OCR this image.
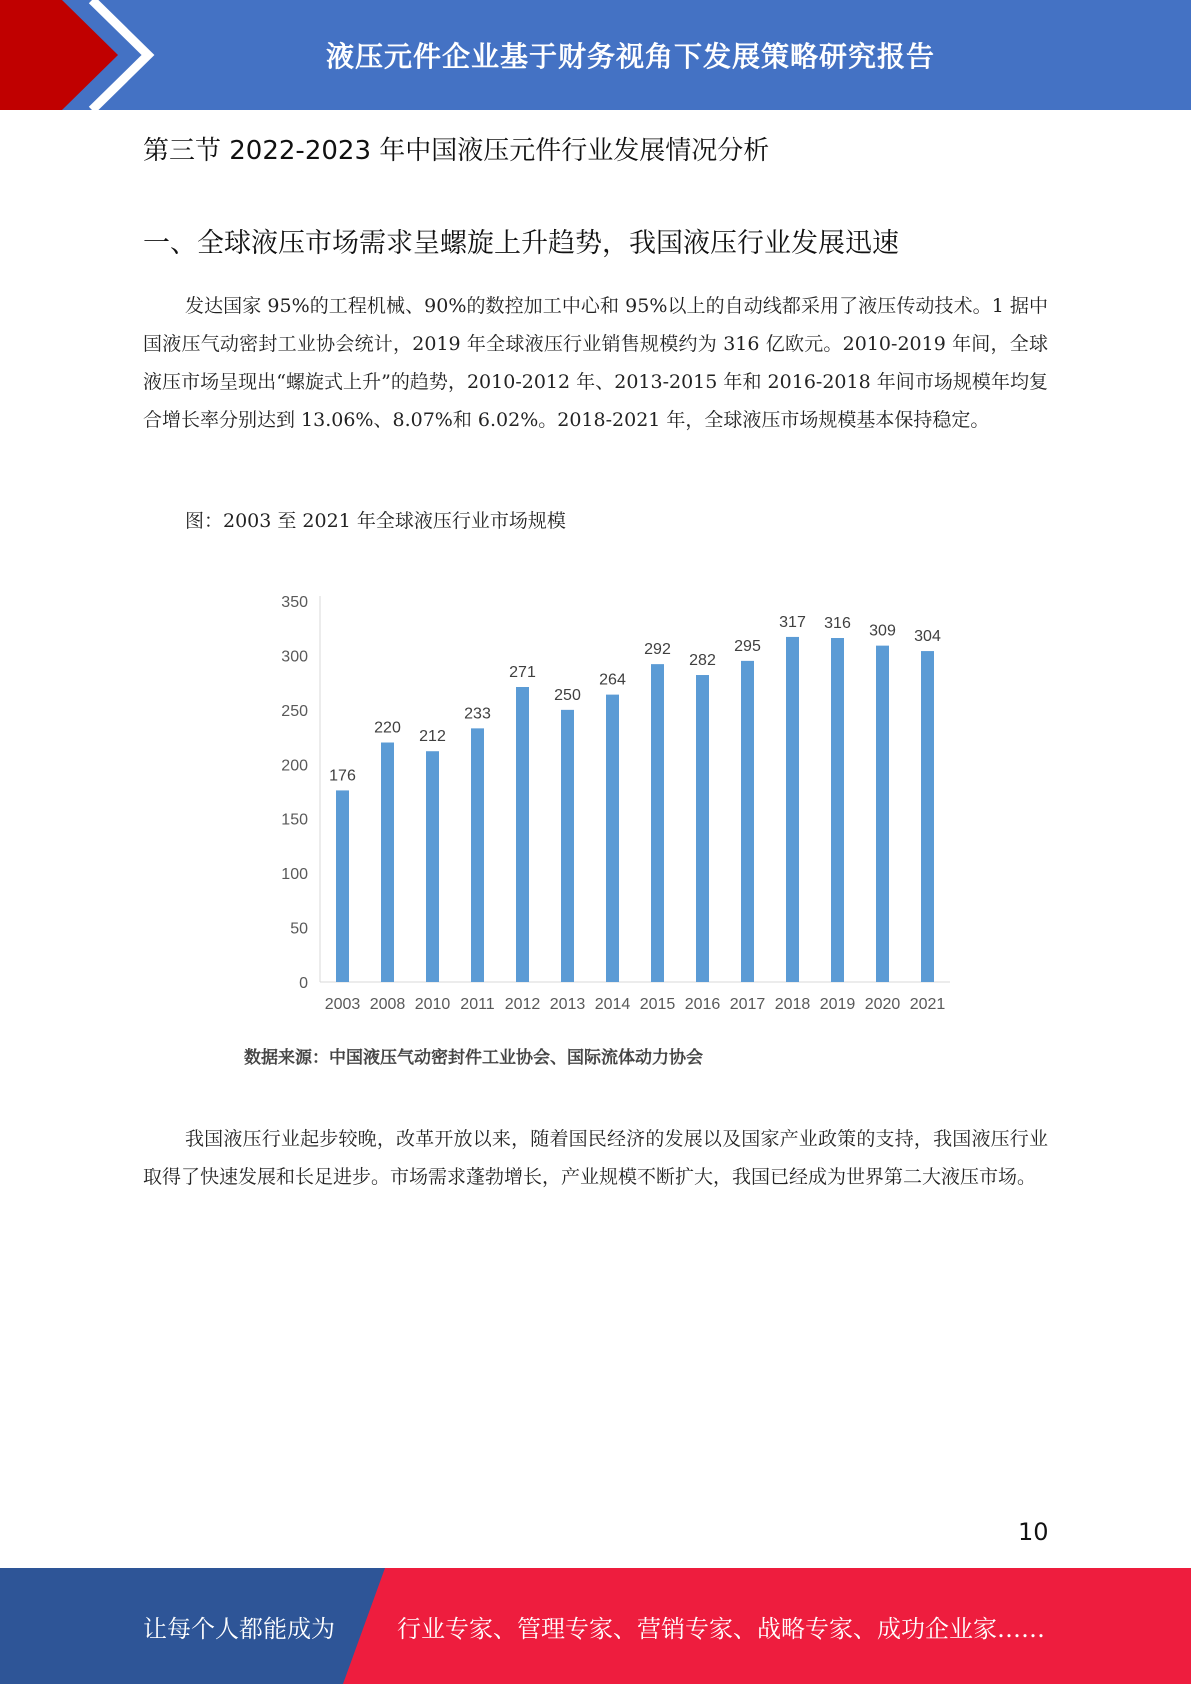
液压元件企业基于财务视角下发展策略研究报告
第三节 2022-2023 年中国液压元件行业发展情况分析
一、全球液压市场需求呈螺旋上升趋势，我国液压行业发展迅速

发达国家 95%的工程机械、90%的数控加工中心和 95%以上的自动线都采用了液压传动技术。1 据中国液压气动密封工业协会统计，2019 年全球液压行业销售规模约为 316 亿欧元。2010-2019 年间，全球液压市场呈现出“螺旋式上升”的趋势，2010-2012 年、2013-2015 年和 2016-2018 年间市场规模年均复合增长率分别达到 13.06%、8.07%和 6.02%。2018-2021 年，全球液压市场规模基本保持稳定。

图：2003 至 2021 年全球液压行业市场规模
0
50
100
150
200
250
300
350
176
2003
220
2008
212
2010
233
2011
271
2012
250
2013
264
2014
292
2015
282
2016
295
2017
317
2018
316
2019
309
2020
304
2021
数据来源：中国液压气动密封件工业协会、国际流体动力协会

我国液压行业起步较晚，改革开放以来，随着国民经济的发展以及国家产业政策的支持，我国液压行业取得了快速发展和长足进步。市场需求蓬勃增长，产业规模不断扩大，我国已经成为世界第二大液压市场。

10
让每个人都能成为	行业专家、管理专家、营销专家、战略专家、成功企业家……
